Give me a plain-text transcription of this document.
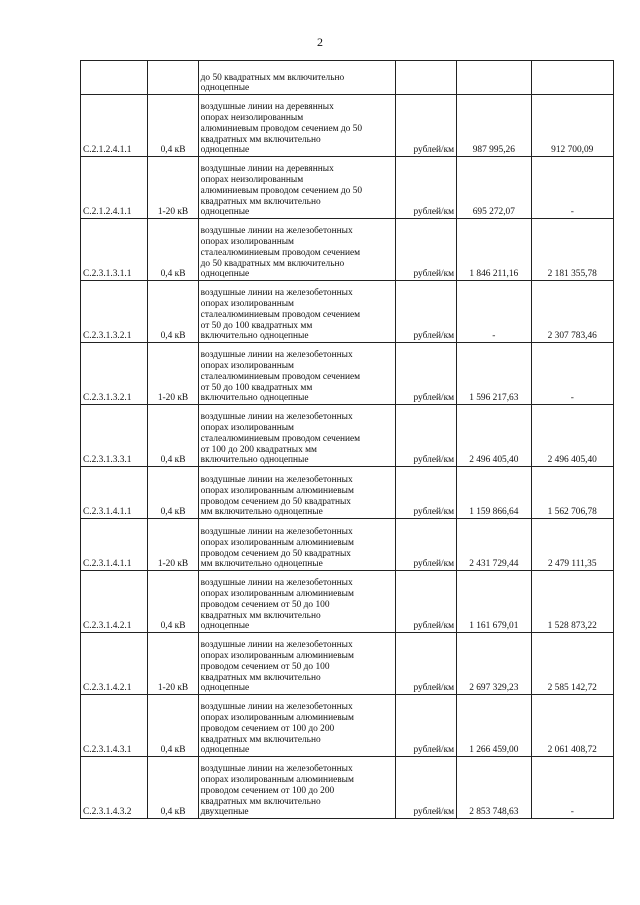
2

		до 50 квадратных мм включительно
одноцепные			

С.2.1.2.4.1.1	0,4 кВ	воздушные линии на деревянных
опорах неизолированным
алюминиевым проводом сечением до 50
квадратных мм включительно
одноцепные	рублей/км	987 995,26	912 700,09
С.2.1.2.4.1.1	1-20 кВ	воздушные линии на деревянных
опорах неизолированным
алюминиевым проводом сечением до 50
квадратных мм включительно
одноцепные	рублей/км	695 272,07	-
С.2.3.1.3.1.1	0,4 кВ	воздушные линии на железобетонных
опорах изолированным
сталеалюминиевым проводом сечением
до 50 квадратных мм включительно
одноцепные	рублей/км	1 846 211,16	2 181 355,78
С.2.3.1.3.2.1	0,4 кВ	воздушные линии на железобетонных
опорах изолированным
сталеалюминиевым проводом сечением
от 50 до 100 квадратных мм
включительно одноцепные	рублей/км	-	2 307 783,46
С.2.3.1.3.2.1	1-20 кВ	воздушные линии на железобетонных
опорах изолированным
сталеалюминиевым проводом сечением
от 50 до 100 квадратных мм
включительно одноцепные	рублей/км	1 596 217,63	-
С.2.3.1.3.3.1	0,4 кВ	воздушные линии на железобетонных
опорах изолированным
сталеалюминиевым проводом сечением
от 100 до 200 квадратных мм
включительно одноцепные	рублей/км	2 496 405,40	2 496 405,40
С.2.3.1.4.1.1	0,4 кВ	воздушные линии на железобетонных
опорах изолированным алюминиевым
проводом сечением до 50 квадратных
мм включительно одноцепные	рублей/км	1 159 866,64	1 562 706,78
С.2.3.1.4.1.1	1-20 кВ	воздушные линии на железобетонных
опорах изолированным алюминиевым
проводом сечением до 50 квадратных
мм включительно одноцепные	рублей/км	2 431 729,44	2 479 111,35
С.2.3.1.4.2.1	0,4 кВ	воздушные линии на железобетонных
опорах изолированным алюминиевым
проводом сечением от 50 до 100
квадратных мм включительно
одноцепные	рублей/км	1 161 679,01	1 528 873,22
С.2.3.1.4.2.1	1-20 кВ	воздушные линии на железобетонных
опорах изолированным алюминиевым
проводом сечением от 50 до 100
квадратных мм включительно
одноцепные	рублей/км	2 697 329,23	2 585 142,72
С.2.3.1.4.3.1	0,4 кВ	воздушные линии на железобетонных
опорах изолированным алюминиевым
проводом сечением от 100 до 200
квадратных мм включительно
одноцепные	рублей/км	1 266 459,00	2 061 408,72
С.2.3.1.4.3.2	0,4 кВ	воздушные линии на железобетонных
опорах изолированным алюминиевым
проводом сечением от 100 до 200
квадратных мм включительно
двухцепные	рублей/км	2 853 748,63	-
